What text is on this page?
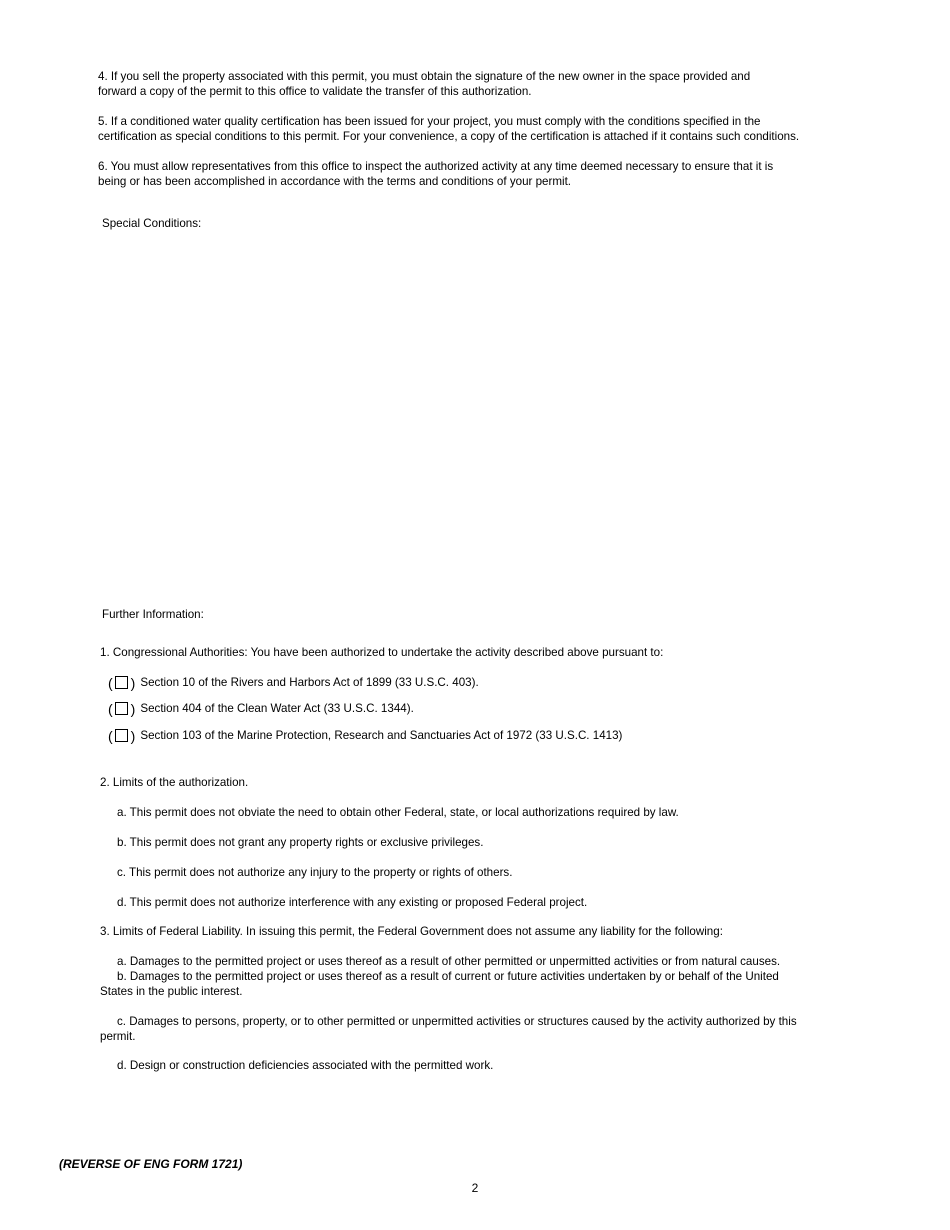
4. If you sell the property associated with this permit, you must obtain the signature of the new owner in the space provided and
forward a copy of the permit to this office to validate the transfer of this authorization.
5. If a conditioned water quality certification has been issued for your project, you must comply with the conditions specified in the
certification as special conditions to this permit. For your convenience, a copy of the certification is attached if it contains such conditions.
6. You must allow representatives from this office to inspect the authorized activity at any time deemed necessary to ensure that it is
being or has been accomplished in accordance with the terms and conditions of your permit.
Special Conditions:
Further Information:
1. Congressional Authorities: You have been authorized to undertake the activity described above pursuant to:
( ) Section 10 of the Rivers and Harbors Act of 1899 (33 U.S.C. 403).
( ) Section 404 of the Clean Water Act (33 U.S.C. 1344).
( ) Section 103 of the Marine Protection, Research and Sanctuaries Act of 1972 (33 U.S.C. 1413)
2. Limits of the authorization.
a. This permit does not obviate the need to obtain other Federal, state, or local authorizations required by law.
b. This permit does not grant any property rights or exclusive privileges.
c. This permit does not authorize any injury to the property or rights of others.
d. This permit does not authorize interference with any existing or proposed Federal project.
3. Limits of Federal Liability. In issuing this permit, the Federal Government does not assume any liability for the following:
a. Damages to the permitted project or uses thereof as a result of other permitted or unpermitted activities or from natural causes.
b. Damages to the permitted project or uses thereof as a result of current or future activities undertaken by or behalf of the United
States in the public interest.
c. Damages to persons, property, or to other permitted or unpermitted activities or structures caused by the activity authorized by this
permit.
d. Design or construction deficiencies associated with the permitted work.
(REVERSE OF ENG FORM 1721)
2
